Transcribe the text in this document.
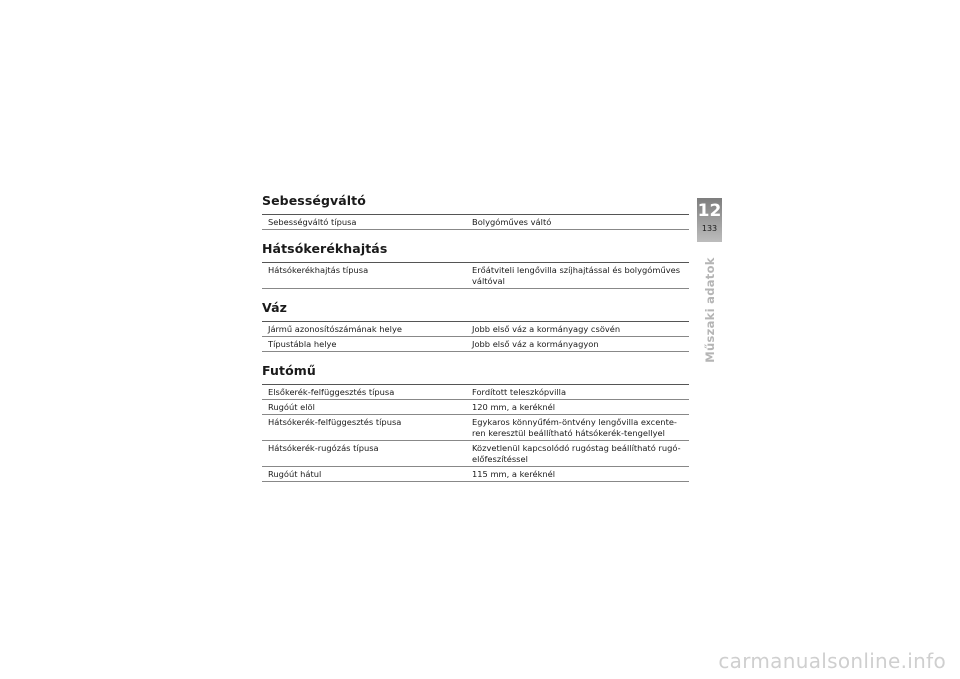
Sebességváltó
Sebességváltó típusa	Bolygóműves váltó
Hátsókerékhajtás
Hátsókerékhajtás típusa	Erőátviteli lengővilla szíjhajtással és bolygóműves váltóval
Váz
Jármű azonosítószámának helye	Jobb első váz a kormányagy csövén
Típustábla helye	Jobb első váz a kormányagyon
Futómű
Elsőkerék-felfüggesztés típusa	Fordított teleszkópvilla
Rugóút elöl	120 mm, a keréknél
Hátsókerék-felfüggesztés típusa	Egykaros könnyűfém-öntvény lengővilla excente-ren keresztül beállítható hátsókerék-tengellyel
Hátsókerék-rugózás típusa	Közvetlenül kapcsolódó rugóstag beállítható rugó-előfeszítéssel
Rugóút hátul	115 mm, a keréknél
12
133
Műszaki adatok
carmanualsonline.info
